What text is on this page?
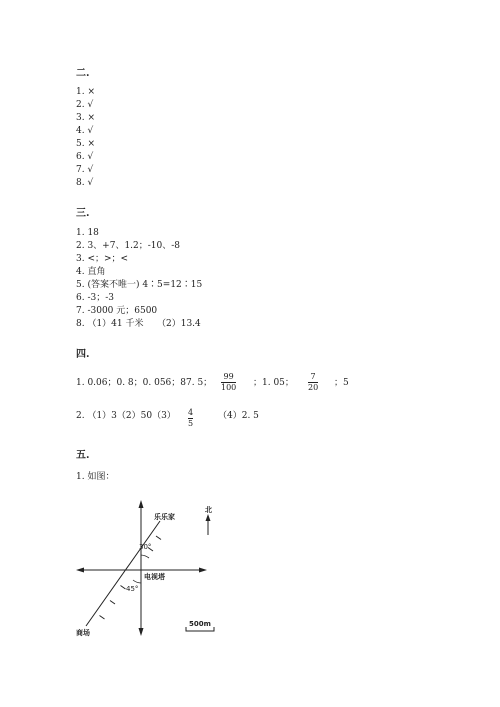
二.
1. ×
2. √
3. ×
4. √
5. ×
6. √
7. √
8. √
三.
1. 18
2. 3、+7、1.2；-10、-8
3. <；>；<
4. 直角
5. (答案不唯一) 4∶5=12∶15
6. -3；-3
7. -3000 元；6500
8. （1）41 千米　　（2）13.4
四.
1. 0.06；0. 8；0. 056；87. 5；
99
100 ；1. 05；
7
20 ；5
2. （1）3（2）50（3） 4
5
（4）2. 5
五.
1. 如图：
乐乐家
北
电视塔
商场
30°
45°
500m
